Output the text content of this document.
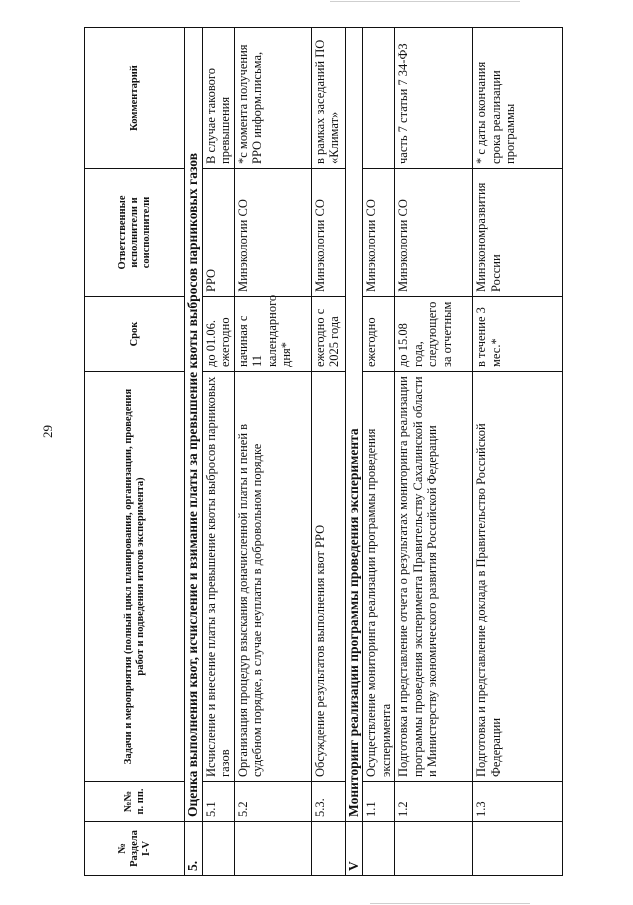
29
№ Раздела I-V	№№ п. пп.	Задачи и мероприятия (полный цикл планирования, организации, проведения работ и подведения итогов эксперимента)	Срок	Ответственные исполнители и соисполнители	Комментарий
5.	Оценка выполнения квот, исчисление и взимание платы за превышение квоты выбросов парниковых газов				
	5.1	Исчисление и внесение платы за превышение квоты выбросов парниковых газов	до 01.06. ежегодно	РРО	В случае такового превышения
	5.2	Организация процедур взыскания доначисленной платы и пеней в судебном порядке, в случае неуплаты в добровольном порядке	начиная с 11 календарного дня*	Минэкологии СО	*с момента получения РРО информ.письма,
	5.3.	Обсуждение результатов выполнения квот РРО	ежегодно с 2025 года	Минэкологии СО	в рамках заседаний ПО «Климат»
V	Мониторинг реализации программы проведения эксперимента				
	1.1	Осуществление мониторинга реализации программы проведения эксперимента	ежегодно	Минэкологии СО	
	1.2	Подготовка и представление отчета о результатах мониторинга реализации программы проведения эксперимента Правительству Сахалинской области и Министерству экономического развития Российской Федерации	до 15.08 года, следующего за отчетным	Минэкологии СО	часть 7 статьи 7 34-ФЗ
	1.3	Подготовка и представление доклада в Правительство Российской Федерации	в течение 3 мес.*	Минэкономразвития России	* с даты окончания срока реализации программы
